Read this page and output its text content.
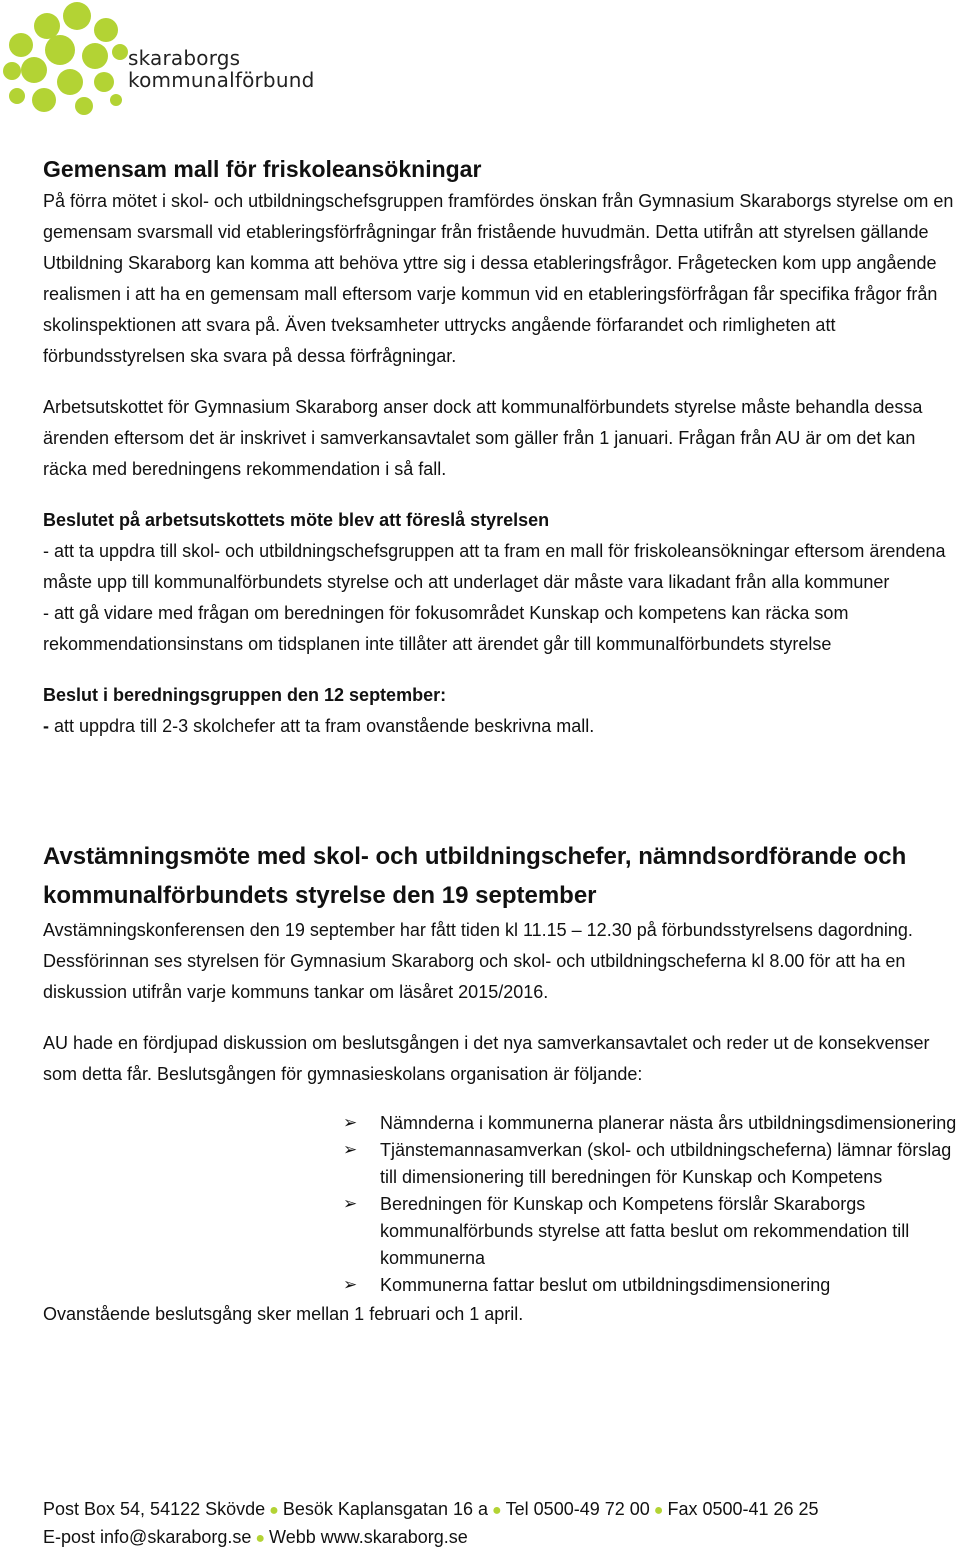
skaraborgs
kommunalförbund
Gemensam mall för friskoleansökningar

På förra mötet i skol- och utbildningschefsgruppen framfördes önskan från Gymnasium Skaraborgs styrelse om en gemensam svarsmall vid etableringsförfrågningar från fristående huvudmän. Detta utifrån att styrelsen gällande Utbildning Skaraborg kan komma att behöva yttre sig i dessa etableringsfrågor. Frågetecken kom upp angående realismen i att ha en gemensam mall eftersom varje kommun vid en etableringsförfrågan får specifika frågor från skolinspektionen att svara på. Även tveksamheter uttrycks angående förfarandet och rimligheten att förbundsstyrelsen ska svara på dessa förfrågningar.

Arbetsutskottet för Gymnasium Skaraborg anser dock att kommunalförbundets styrelse måste behandla dessa ärenden eftersom det är inskrivet i samverkansavtalet som gäller från 1 januari. Frågan från AU är om det kan räcka med beredningens rekommendation i så fall.

Beslutet på arbetsutskottets möte blev att föreslå styrelsen

- att ta uppdra till skol- och utbildningschefsgruppen att ta fram en mall för friskoleansökningar eftersom ärendena måste upp till kommunalförbundets styrelse och att underlaget där måste vara likadant från alla kommuner

- att gå vidare med frågan om beredningen för fokusområdet Kunskap och kompetens kan räcka som rekommendationsinstans om tidsplanen inte tillåter att ärendet går till kommunalförbundets styrelse

Beslut i beredningsgruppen den 12 september:

- att uppdra till 2-3 skolchefer att ta fram ovanstående beskrivna mall.

Avstämningsmöte med skol- och utbildningschefer, nämndsordförande och kommunalförbundets styrelse den 19 september

Avstämningskonferensen den 19 september har fått tiden kl 11.15 – 12.30 på förbundsstyrelsens dagordning. Dessförinnan ses styrelsen för Gymnasium Skaraborg och skol- och utbildningscheferna kl 8.00 för att ha en diskussion utifrån varje kommuns tankar om läsåret 2015/2016.

AU hade en fördjupad diskussion om beslutsgången i det nya samverkansavtalet och reder ut de konsekvenser som detta får. Beslutsgången för gymnasieskolans organisation är följande:

➢ Nämnderna i kommunerna planerar nästa års utbildningsdimensionering
➢ Tjänstemannasamverkan (skol- och utbildningscheferna) lämnar förslag till dimensionering till beredningen för Kunskap och Kompetens
➢ Beredningen för Kunskap och Kompetens förslår Skaraborgs kommunalförbunds styrelse att fatta beslut om rekommendation till kommunerna
➢ Kommunerna fattar beslut om utbildningsdimensionering

Ovanstående beslutsgång sker mellan 1 februari och 1 april.

Post Box 54, 54122 Skövde ● Besök Kaplansgatan 16 a ● Tel 0500-49 72 00 ● Fax 0500-41 26 25
E-post info@skaraborg.se ● Webb www.skaraborg.se
